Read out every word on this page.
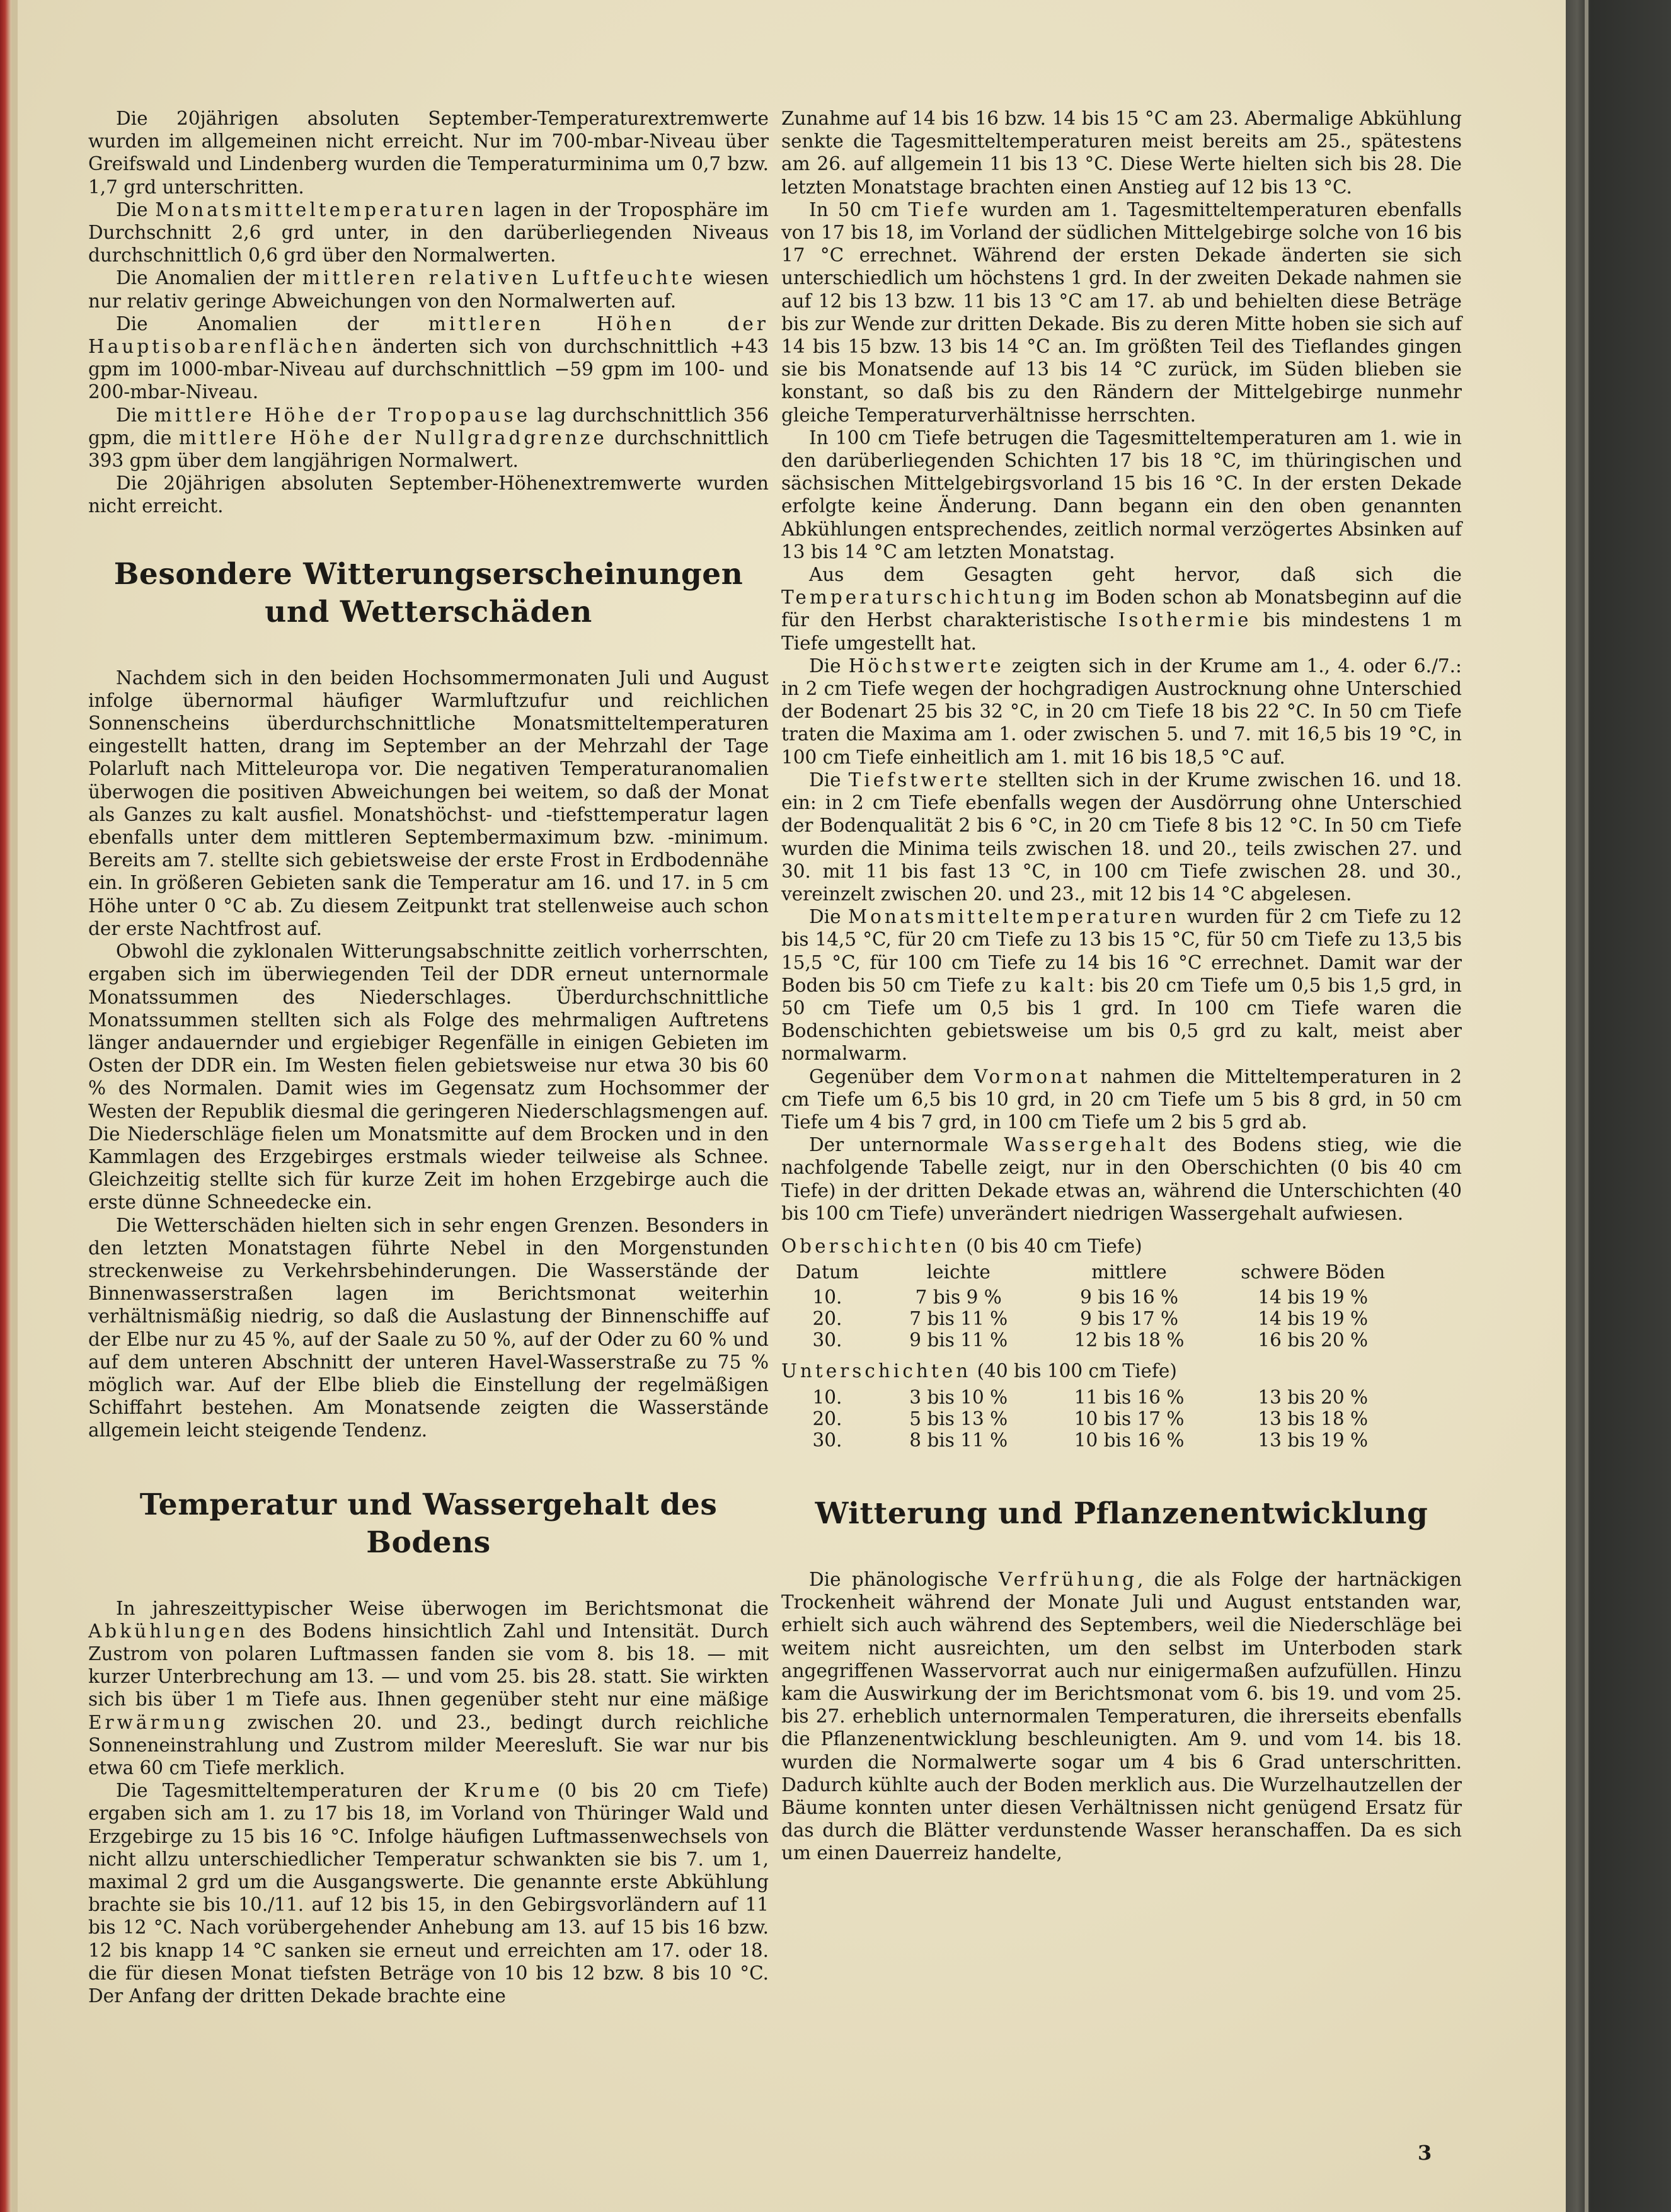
Die 20jährigen absoluten September-Temperaturextremwerte wurden im allgemeinen nicht erreicht. Nur im 700-mbar-Niveau über Greifswald und Lindenberg wurden die Temperaturminima um 0,7 bzw. 1,7 grd unterschritten.

Die Monatsmitteltemperaturen lagen in der Troposphäre im Durchschnitt 2,6 grd unter, in den darüberliegenden Niveaus durchschnittlich 0,6 grd über den Normalwerten.

Die Anomalien der mittleren relativen Luftfeuchte wiesen nur relativ geringe Abweichungen von den Normalwerten auf.

Die Anomalien der mittleren Höhen der Hauptisobarenflächen änderten sich von durchschnittlich +43 gpm im 1000-mbar-Niveau auf durchschnittlich −59 gpm im 100- und 200-mbar-Niveau.

Die mittlere Höhe der Tropopause lag durchschnittlich 356 gpm, die mittlere Höhe der Nullgradgrenze durchschnittlich 393 gpm über dem langjährigen Normalwert.

Die 20jährigen absoluten September-Höhenextremwerte wurden nicht erreicht.

Besondere Witterungserscheinungen und Wetterschäden

Nachdem sich in den beiden Hochsommermonaten Juli und August infolge übernormal häufiger Warmluftzufur und reichlichen Sonnenscheins überdurchschnittliche Monatsmitteltemperaturen eingestellt hatten, drang im September an der Mehrzahl der Tage Polarluft nach Mitteleuropa vor. Die negativen Temperaturanomalien überwogen die positiven Abweichungen bei weitem, so daß der Monat als Ganzes zu kalt ausfiel. Monatshöchst- und -tiefsttemperatur lagen ebenfalls unter dem mittleren Septembermaximum bzw. -minimum. Bereits am 7. stellte sich gebietsweise der erste Frost in Erdbodennähe ein. In größeren Gebieten sank die Temperatur am 16. und 17. in 5 cm Höhe unter 0 °C ab. Zu diesem Zeitpunkt trat stellenweise auch schon der erste Nachtfrost auf.

Obwohl die zyklonalen Witterungsabschnitte zeitlich vorherrschten, ergaben sich im überwiegenden Teil der DDR erneut unternormale Monatssummen des Niederschlages. Überdurchschnittliche Monatssummen stellten sich als Folge des mehrmaligen Auftretens länger andauernder und ergiebiger Regenfälle in einigen Gebieten im Osten der DDR ein. Im Westen fielen gebietsweise nur etwa 30 bis 60 % des Normalen. Damit wies im Gegensatz zum Hochsommer der Westen der Republik diesmal die geringeren Niederschlagsmengen auf. Die Niederschläge fielen um Monatsmitte auf dem Brocken und in den Kammlagen des Erzgebirges erstmals wieder teilweise als Schnee. Gleichzeitig stellte sich für kurze Zeit im hohen Erzgebirge auch die erste dünne Schneedecke ein.

Die Wetterschäden hielten sich in sehr engen Grenzen. Besonders in den letzten Monatstagen führte Nebel in den Morgenstunden streckenweise zu Verkehrsbehinderungen. Die Wasserstände der Binnenwasserstraßen lagen im Berichtsmonat weiterhin verhältnismäßig niedrig, so daß die Auslastung der Binnenschiffe auf der Elbe nur zu 45 %, auf der Saale zu 50 %, auf der Oder zu 60 % und auf dem unteren Abschnitt der unteren Havel-Wasserstraße zu 75 % möglich war. Auf der Elbe blieb die Einstellung der regelmäßigen Schiffahrt bestehen. Am Monatsende zeigten die Wasserstände allgemein leicht steigende Tendenz.

Temperatur und Wassergehalt des Bodens

In jahreszeittypischer Weise überwogen im Berichtsmonat die Abkühlungen des Bodens hinsichtlich Zahl und Intensität. Durch Zustrom von polaren Luftmassen fanden sie vom 8. bis 18. — mit kurzer Unterbrechung am 13. — und vom 25. bis 28. statt. Sie wirkten sich bis über 1 m Tiefe aus. Ihnen gegenüber steht nur eine mäßige Erwärmung zwischen 20. und 23., bedingt durch reichliche Sonneneinstrahlung und Zustrom milder Meeresluft. Sie war nur bis etwa 60 cm Tiefe merklich.

Die Tagesmitteltemperaturen der Krume (0 bis 20 cm Tiefe) ergaben sich am 1. zu 17 bis 18, im Vorland von Thüringer Wald und Erzgebirge zu 15 bis 16 °C. Infolge häufigen Luftmassenwechsels von nicht allzu unterschiedlicher Temperatur schwankten sie bis 7. um 1, maximal 2 grd um die Ausgangswerte. Die genannte erste Abkühlung brachte sie bis 10./11. auf 12 bis 15, in den Gebirgsvorländern auf 11 bis 12 °C. Nach vorübergehender Anhebung am 13. auf 15 bis 16 bzw. 12 bis knapp 14 °C sanken sie erneut und erreichten am 17. oder 18. die für diesen Monat tiefsten Beträge von 10 bis 12 bzw. 8 bis 10 °C. Der Anfang der dritten Dekade brachte eine

Zunahme auf 14 bis 16 bzw. 14 bis 15 °C am 23. Abermalige Abkühlung senkte die Tagesmitteltemperaturen meist bereits am 25., spätestens am 26. auf allgemein 11 bis 13 °C. Diese Werte hielten sich bis 28. Die letzten Monatstage brachten einen Anstieg auf 12 bis 13 °C.

In 50 cm Tiefe wurden am 1. Tagesmitteltemperaturen ebenfalls von 17 bis 18, im Vorland der südlichen Mittelgebirge solche von 16 bis 17 °C errechnet. Während der ersten Dekade änderten sie sich unterschiedlich um höchstens 1 grd. In der zweiten Dekade nahmen sie auf 12 bis 13 bzw. 11 bis 13 °C am 17. ab und behielten diese Beträge bis zur Wende zur dritten Dekade. Bis zu deren Mitte hoben sie sich auf 14 bis 15 bzw. 13 bis 14 °C an. Im größten Teil des Tieflandes gingen sie bis Monatsende auf 13 bis 14 °C zurück, im Süden blieben sie konstant, so daß bis zu den Rändern der Mittelgebirge nunmehr gleiche Temperaturverhältnisse herrschten.

In 100 cm Tiefe betrugen die Tagesmitteltemperaturen am 1. wie in den darüberliegenden Schichten 17 bis 18 °C, im thüringischen und sächsischen Mittelgebirgsvorland 15 bis 16 °C. In der ersten Dekade erfolgte keine Änderung. Dann begann ein den oben genannten Abkühlungen entsprechendes, zeitlich normal verzögertes Absinken auf 13 bis 14 °C am letzten Monatstag.

Aus dem Gesagten geht hervor, daß sich die Temperaturschichtung im Boden schon ab Monatsbeginn auf die für den Herbst charakteristische Isothermie bis mindestens 1 m Tiefe umgestellt hat.

Die Höchstwerte zeigten sich in der Krume am 1., 4. oder 6./7.: in 2 cm Tiefe wegen der hochgradigen Austrocknung ohne Unterschied der Bodenart 25 bis 32 °C, in 20 cm Tiefe 18 bis 22 °C. In 50 cm Tiefe traten die Maxima am 1. oder zwischen 5. und 7. mit 16,5 bis 19 °C, in 100 cm Tiefe einheitlich am 1. mit 16 bis 18,5 °C auf.

Die Tiefstwerte stellten sich in der Krume zwischen 16. und 18. ein: in 2 cm Tiefe ebenfalls wegen der Ausdörrung ohne Unterschied der Bodenqualität 2 bis 6 °C, in 20 cm Tiefe 8 bis 12 °C. In 50 cm Tiefe wurden die Minima teils zwischen 18. und 20., teils zwischen 27. und 30. mit 11 bis fast 13 °C, in 100 cm Tiefe zwischen 28. und 30., vereinzelt zwischen 20. und 23., mit 12 bis 14 °C abgelesen.

Die Monatsmitteltemperaturen wurden für 2 cm Tiefe zu 12 bis 14,5 °C, für 20 cm Tiefe zu 13 bis 15 °C, für 50 cm Tiefe zu 13,5 bis 15,5 °C, für 100 cm Tiefe zu 14 bis 16 °C errechnet. Damit war der Boden bis 50 cm Tiefe zu kalt: bis 20 cm Tiefe um 0,5 bis 1,5 grd, in 50 cm Tiefe um 0,5 bis 1 grd. In 100 cm Tiefe waren die Bodenschichten gebietsweise um bis 0,5 grd zu kalt, meist aber normalwarm.

Gegenüber dem Vormonat nahmen die Mitteltemperaturen in 2 cm Tiefe um 6,5 bis 10 grd, in 20 cm Tiefe um 5 bis 8 grd, in 50 cm Tiefe um 4 bis 7 grd, in 100 cm Tiefe um 2 bis 5 grd ab.

Der unternormale Wassergehalt des Bodens stieg, wie die nachfolgende Tabelle zeigt, nur in den Oberschichten (0 bis 40 cm Tiefe) in der dritten Dekade etwas an, während die Unterschichten (40 bis 100 cm Tiefe) unverändert niedrigen Wassergehalt aufwiesen.

Oberschichten (0 bis 40 cm Tiefe)
Datum	leichte	mittlere	schwere Böden
10.	7 bis 9 %	9 bis 16 %	14 bis 19 %
20.	7 bis 11 %	9 bis 17 %	14 bis 19 %
30.	9 bis 11 %	12 bis 18 %	16 bis 20 %
Unterschichten (40 bis 100 cm Tiefe)
10.	3 bis 10 %	11 bis 16 %	13 bis 20 %
20.	5 bis 13 %	10 bis 17 %	13 bis 18 %
30.	8 bis 11 %	10 bis 16 %	13 bis 19 %
Witterung und Pflanzenentwicklung

Die phänologische Verfrühung, die als Folge der hartnäckigen Trockenheit während der Monate Juli und August entstanden war, erhielt sich auch während des Septembers, weil die Niederschläge bei weitem nicht ausreichten, um den selbst im Unterboden stark angegriffenen Wasservorrat auch nur einigermaßen aufzufüllen. Hinzu kam die Auswirkung der im Berichtsmonat vom 6. bis 19. und vom 25. bis 27. erheblich unternormalen Temperaturen, die ihrerseits ebenfalls die Pflanzenentwicklung beschleunigten. Am 9. und vom 14. bis 18. wurden die Normalwerte sogar um 4 bis 6 Grad unterschritten. Dadurch kühlte auch der Boden merklich aus. Die Wurzelhautzellen der Bäume konnten unter diesen Verhältnissen nicht genügend Ersatz für das durch die Blätter verdunstende Wasser heranschaffen. Da es sich um einen Dauerreiz handelte,

3
